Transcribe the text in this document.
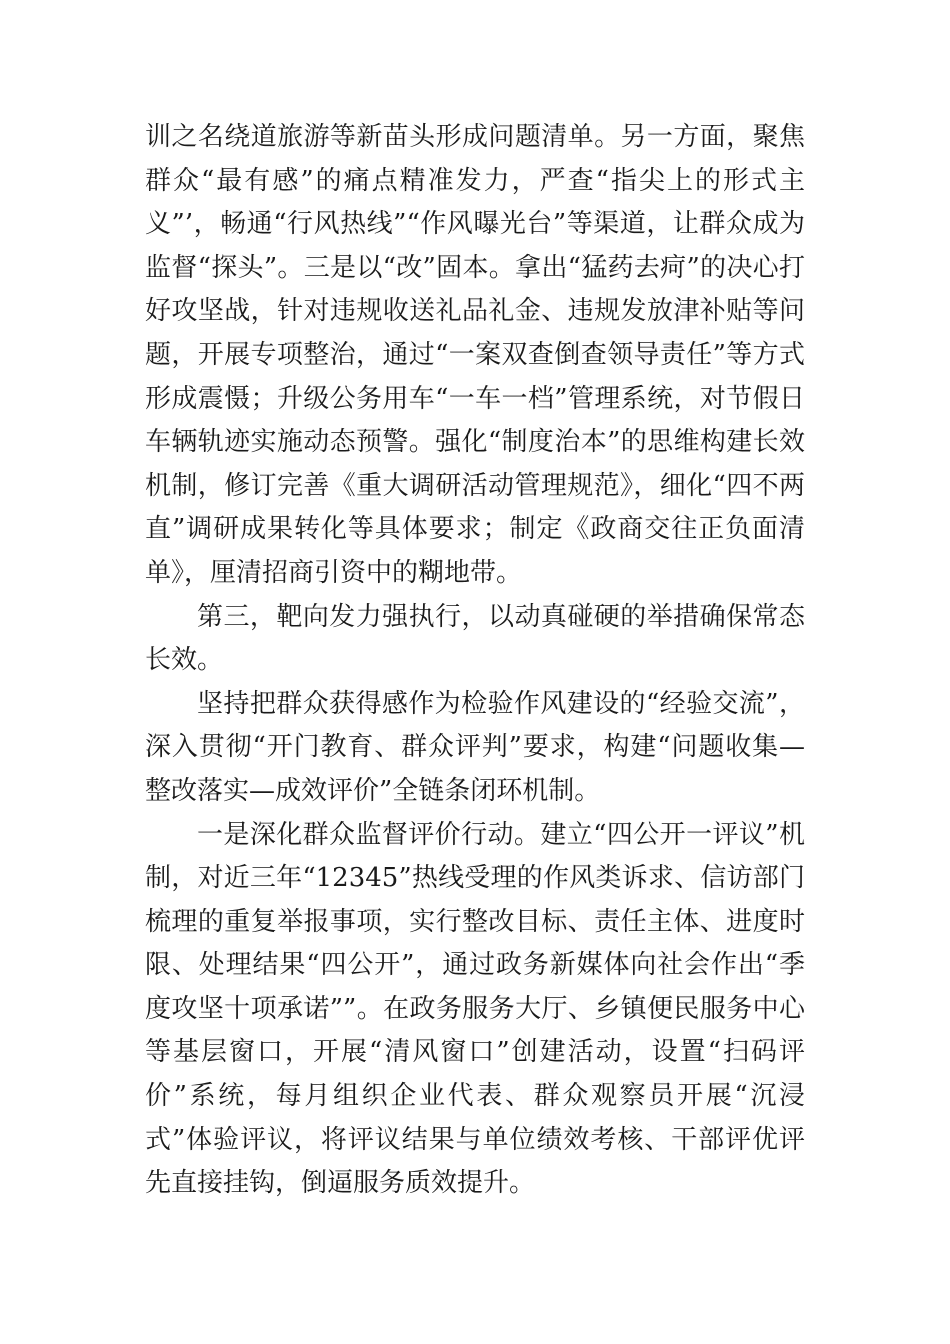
训之名绕道旅游等新苗头形成问题清单。另一方面，聚焦群众“最有感”的痛点精准发力，严查“指尖上的形式主义”’，畅通“行风热线”“作风曝光台”等渠道，让群众成为监督“探头”。三是以“改”固本。拿出“猛药去疴”的决心打好攻坚战，针对违规收送礼品礼金、违规发放津补贴等问题，开展专项整治，通过“一案双查倒查领导责任”等方式形成震慑；升级公务用车“一车一档”管理系统，对节假日车辆轨迹实施动态预警。强化“制度治本”的思维构建长效机制，修订完善《重大调研活动管理规范》，细化“四不两直”调研成果转化等具体要求；制定《政商交往正负面清单》，厘清招商引资中的糊地带。

第三，靶向发力强执行，以动真碰硬的举措确保常态长效。

坚持把群众获得感作为检验作风建设的“经验交流”，深入贯彻“开门教育、群众评判”要求，构建“问题收集—整改落实—成效评价”全链条闭环机制。

一是深化群众监督评价行动。建立“四公开一评议”机制，对近三年“12345”热线受理的作风类诉求、信访部门梳理的重复举报事项，实行整改目标、责任主体、进度时限、处理结果“四公开”，通过政务新媒体向社会作出“季度攻坚十项承诺””。在政务服务大厅、乡镇便民服务中心等基层窗口，开展“清风窗口”创建活动，设置“扫码评价”系统，每月组织企业代表、群众观察员开展“沉浸式”体验评议，将评议结果与单位绩效考核、干部评优评先直接挂钩，倒逼服务质效提升。
